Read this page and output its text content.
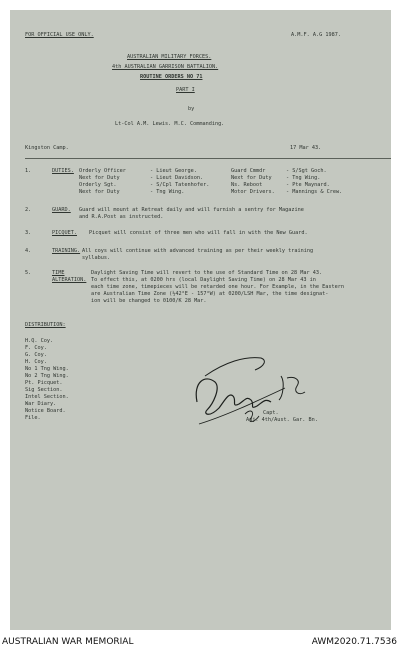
FOR OFFICIAL USE ONLY.	A.M.F. A.G 1987.
AUSTRALIAN MILITARY FORCES.
4th AUSTRALIAN GARRISON BATTALION.
ROUTINE ORDERS NO 71
PART I
by
Lt-Col A.M. Lewis. M.C. Commanding.
Kingston Camp.	17 Mar 43.
1.	DUTIES. Orderly Officer	- Lieut George.	Guard Cmmdr	- S/Sgt Goch.
Next for Duty	- Lieut Davidson.	Next for Duty	- Tng Wing.
Orderly Sgt.	- S/Cpl Tatenhofer.	Ns. Reboot	- Pte Maynard.
Next for Duty	- Tng Wing.	Motor Drivers. - Mannings & Crew.
2.	GUARD. Guard will mount at Retreat daily and will furnish a sentry for Magazine
and R.A.Post as instructed.
3.	PICQUET. Picquet will consist of three men who will fall in with the New Guard.
4.	TRAINING. All coys will continue with advanced training as per their weekly training
syllabus.
5.	TIME
ALTERATION.
Daylight Saving Time will revert to the use of Standard Time on 28 Mar 43.
To effect this, at 0200 hrs (local Daylight Saving Time) on 28 Mar 43 in
each time zone, timepieces will be retarded one hour. For Example, in the Eastern
are Australian Time Zone (½42°E - 157°W) at 0200/LSH Mar, the time designat-
ion will be changed to 0100/K 28 Mar.
DISTRIBUTION:
H.Q. Coy.
F. Coy.
G. Coy.
H. Coy.
No 1 Tng Wing.
No 2 Tng Wing.
Pt. Picquet.
Sig Section.
Intel Section.
War Diary.
Notice Board.
File.
Capt.
Adj. 4th/Aust. Gar. Bn.
AUSTRALIAN WAR MEMORIAL	AWM2020.71.7536
